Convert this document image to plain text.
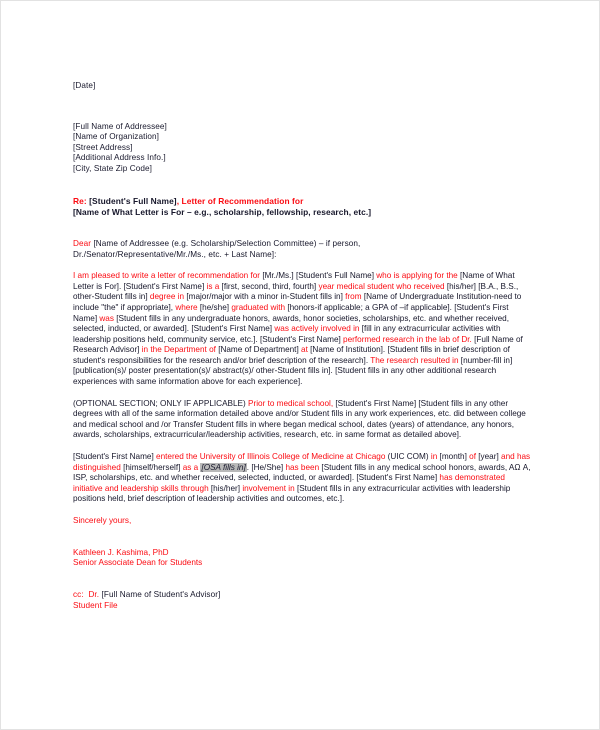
[Date]
[Full Name of Addressee]
[Name of Organization]
[Street Address]
[Additional Address Info.]
[City, State Zip Code]
Re: [Student's Full Name], Letter of Recommendation for
[Name of What Letter is For – e.g., scholarship, fellowship, research, etc.]
Dear [Name of Addressee (e.g. Scholarship/Selection Committee) – if person,
Dr./Senator/Representative/Mr./Ms., etc. + Last Name]:

I am pleased to write a letter of recommendation for [Mr./Ms.] [Student's Full Name] who is applying for the [Name of What Letter is For]. [Student's First Name] is a [first, second, third, fourth] year medical student who received [his/her] [B.A., B.S., other-Student fills in] degree in [major/major with a minor in-Student fills in] from [Name of Undergraduate Institution-need to include "the" if appropriate], where [he/she] graduated with [honors-if applicable; a GPA of –if applicable]. [Student's First Name] was [Student fills in any undergraduate honors, awards, honor societies, scholarships, etc. and whether received, selected, inducted, or awarded]. [Student's First Name] was actively involved in [fill in any extracurricular activities with leadership positions held, community service, etc.]. [Student's First Name] performed research in the lab of Dr. [Full Name of Research Advisor] in the Department of [Name of Department] at [Name of Institution]. [Student fills in brief description of student's responsibilities for the research and/or brief description of the research]. The research resulted in [number-fill in] [publication(s)/ poster presentation(s)/ abstract(s)/ other-Student fills in]. [Student fills in any other additional research experiences with same information above for each experience].

(OPTIONAL SECTION; ONLY IF APPLICABLE) Prior to medical school, [Student's First Name] [Student fills in any other degrees with all of the same information detailed above and/or Student fills in any work experiences, etc. did between college and medical school and /or Transfer Student fills in where began medical school, dates (years) of attendance, any honors, awards, scholarships, extracurricular/leadership activities, research, etc. in same format as detailed above].

[Student's First Name] entered the University of Illinois College of Medicine at Chicago (UIC COM) in [month] of [year] and has distinguished [himself/herself] as a [OSA fills in]. [He/She] has been [Student fills in any medical school honors, awards, AΩ A, ISP, scholarships, etc. and whether received, selected, inducted, or awarded]. [Student's First Name] has demonstrated initiative and leadership skills through [his/her] involvement in [Student fills in any extracurricular activities with leadership positions held, brief description of leadership activities and outcomes, etc.].

Sincerely yours,
Kathleen J. Kashima, PhD
Senior Associate Dean for Students
cc: Dr. [Full Name of Student's Advisor]
Student File
